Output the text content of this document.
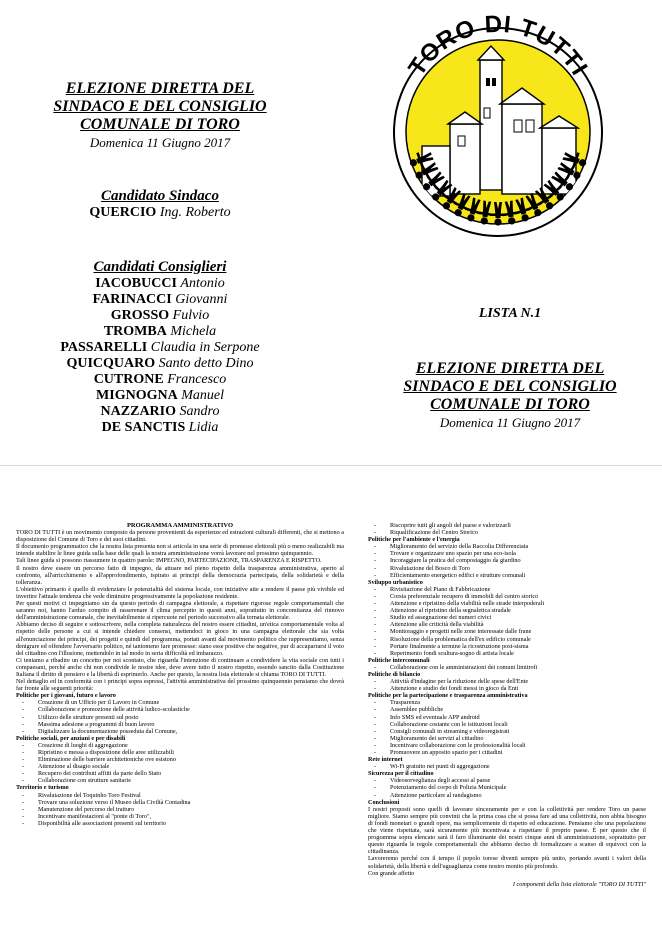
ELEZIONE DIRETTA DEL
SINDACO E DEL CONSIGLIO
COMUNALE DI TORO
Domenica 11 Giugno 2017
Candidato Sindaco
QUERCIO Ing. Roberto
Candidati Consiglieri
IACOBUCCI Antonio
FARINACCI Giovanni
GROSSO Fulvio
TROMBA Michela
PASSARELLI Claudia in Serpone
QUICQUARO Santo detto Dino
CUTRONE Francesco
MIGNOGNA Manuel
NAZZARIO Sandro
DE SANCTIS Lidia
TORO DI TUTTI
LISTA N.1
ELEZIONE DIRETTA DEL
SINDACO E DEL CONSIGLIO
COMUNALE DI TORO
Domenica 11 Giugno 2017
PROGRAMMA AMMINISTRATIVO
TORO DI TUTTI è un movimento composto da persone provenienti da esperienze ed estrazioni culturali differenti, che si mettono a disposizione del Comune di Toro e dei suoi cittadini.
Il documento programmatico che la nostra lista presenta non si articola in una serie di promesse elettorali più o meno realizzabili ma intende stabilire le linee guida sulla base delle quali la nostra amministrazione vorrà lavorare nel prossimo quinquennio.
Tali linee guida si possono riassumere in quattro parole: IMPEGNO, PARTECIPAZIONE, TRASPARENZA E RISPETTO.
Il nostro deve essere un percorso fatto di impegno, da attuare nel pieno rispetto della trasparenza amministrativa, aperto al confronto, all'arricchimento e all'approfondimento, ispirato ai principi della democrazia partecipata, della solidarietà e della tolleranza.
L'obiettivo primario è quello di evidenziare le potenzialità del sistema locale, con iniziative atte a rendere il paese più vivibile ed invertire l'attuale tendenza che vede diminuire progressivamente la popolazione residente.
Per questi motivi ci impegniamo sin da questo periodo di campagna elettorale, a rispettare rigorose regole comportamentali che saranno noi, hanno l'arduo compito di rasserenare il clima percepito in questi anni, soprattutto in concomitanza del rinnovo dell'amministrazione comunale, che inevitabilmente si ripercuote nel periodo successivo alla tornata elettorale.
Abbiamo deciso di seguire e sottoscrivere, nella completa naturalezza del nostro essere cittadini, un'etica comportamentale volta al rispetto delle persone a cui si intende chiedere consensi, mettendoci in gioco in una campagna elettorale che sia volta all'enunciazione dei principi, dei progetti e quindi del programma, portati avanti dal movimento politico che rappresentiamo, senza denigrare ed offendere l'avversario politico, né tantomeno fare promesse: siano esse positive che negative, pur di accaparrarsi il voto del cittadino con l'illusione, mettendolo in tal modo in seria difficoltà ed imbarazzo.
Ci teniamo a ribadire un concetto per noi scontato, che riguarda l'intenzione di continuare a condividere la vita sociale con tutti i compaesani, perché anche chi non condivide le nostre idee, deve avere tutto il nostro rispetto, essendo sancito dalla Costituzione Italiana il diritto di pensiero e la libertà di esprimerlo. Anche per questo, la nostra lista elettorale si chiama TORO DI TUTTI.
Nel dettaglio ed in conformità con i principi sopra espressi, l'attività amministrativa del prossimo quinquennio pensiamo che dovrà far fronte alle seguenti priorità:
Politiche per i giovani, futuro e lavoro
- Creazione di un Ufficio per il Lavoro in Comune
- Collaborazione e promozione delle attività ludico-scolastiche
- Utilizzo delle strutture presenti sul posto
- Massima adesione a programmi di buon lavoro
- Digitalizzare la documentazione posseduta dal Comune,
Politiche sociali, per anziani e per disabili
- Creazione di luoghi di aggregazione
- Ripristino e messa a disposizione delle aree utilizzabili
- Eliminazione delle barriere architettoniche ove esistono
- Attenzione al disagio sociale
- Recupero dei contributi affitti da parte dello Stato
- Collaborazione con strutture sanitarie
Territorio e turismo
- Rivalutazione del Toquinho Toro Festival
- Trovare una soluzione verso il Museo della Civiltà Contadina
- Manutenzione del percorso del tratturo
- Incentivare manifestazioni al "ponte di Toro",
- Disponibilità alle associazioni presenti sul territorio
- Riscoprire tutti gli angoli del paese e valorizzarli
- Riqualificazione del Centro Storico
Politiche per l'ambiente e l'energia
- Miglioramento del servizio della Raccolta Differenziata
- Trovare e organizzare uno spazio per una eco-isola
- Incoraggiare la pratica del compostaggio da giardino
- Rivalutazione del Bosco di Toro
- Efficientamento energetico edifici e strutture comunali
Sviluppo urbanistico
- Rivisitazione del Piano di Fabbricazione
- Corsia preferenziale recupero di immobili del centro storico
- Attenzione e ripristino della viabilità nelle strade interpoderali
- Attenzione al ripristino della segnaletica stradale
- Studio ed assegnazione dei numeri civici
- Attenzione alle criticità della viabilità
- Monitoraggio e progetti nelle zone interessate dalle frane
- Risoluzione della problematica dell'ex edificio comunale
- Portare finalmente a termine la ricostruzione post-sisma
- Reperimento fondi scultura-sogno di artista locale
Politiche intercomunali
- Collaborazione con le amministrazioni dei comuni limitrofi
Politiche di bilancio
- Attività d'indagine per la riduzione delle spese dell'Ente
- Attenzione e studio dei fondi messi in gioco da Enti
Politiche per la partecipazione e trasparenza amministrativa
- Trasparenza
- Assemblee pubbliche
- Info SMS ed eventuale APP android
- Collaborazione costante con le istituzioni locali
- Consigli comunali in streaming e videoregistrati
- Miglioramento dei servizi al cittadino
- Incentivare collaborazione con le professionalità locali
- Promuovere un apposito spazio per i cittadini
Rete internet
- Wi-Fi gratuito nei punti di aggregazione
Sicurezza per il cittadino
- Videosorveglianza degli accessi al paese
- Potenziamento del corpo di Polizia Municipale
- Attenzione particolare al randagismo
Conclusioni
I nostri proposti sono quelli di lavorare sinceramente per e con la collettività per rendere Toro un paese migliore. Siamo sempre più convinti che la prima cosa che si possa fare ad una collettività, non abbia bisogno di fondi monetari o grandi opere, ma semplicemente di rispetto ed educazione. Pensiamo che una popolazione che viene rispettata, sarà sicuramente più incentivata a rispettare il proprio paese. È per questo che il programma sopra elencato sarà il faro illuminante dei nostri cinque anni di amministrazione, soprattutto per questo riguarda le regole comportamentali che abbiamo deciso di formalizzare a scanso di equivoci con la cittadinanza.
Lavoreremo perché con il tempo il popolo torese diventi sempre più unito, portando avanti i valori della solidarietà, della libertà e dell'uguaglianza come nostro monito più profondo.
Con grande affetto
I componenti della lista elettorale "TORO DI TUTTI"
